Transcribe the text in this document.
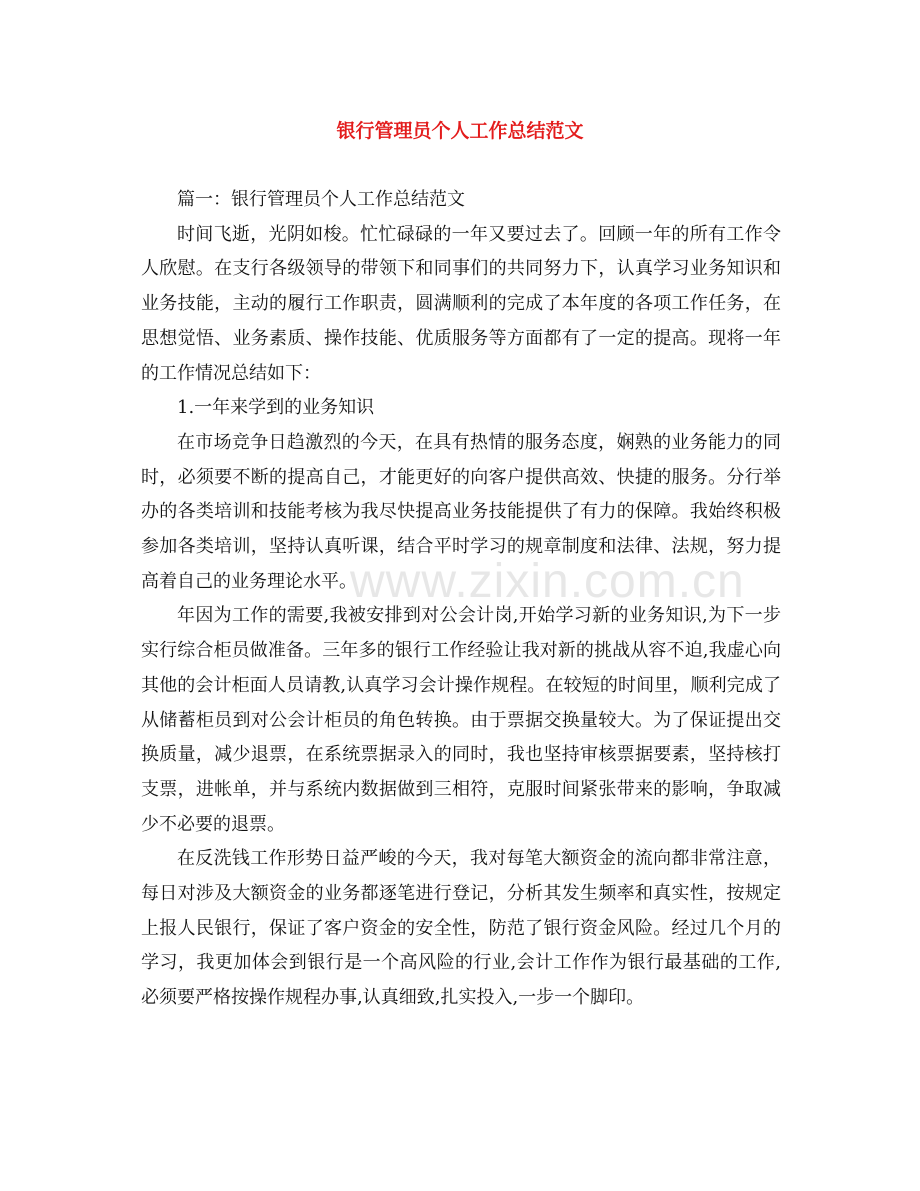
银行管理员个人工作总结范文

篇一：银行管理员个人工作总结范文

时间飞逝，光阴如梭。忙忙碌碌的一年又要过去了。回顾一年的所有工作令人欣慰。在支行各级领导的带领下和同事们的共同努力下，认真学习业务知识和业务技能，主动的履行工作职责，圆满顺利的完成了本年度的各项工作任务，在思想觉悟、业务素质、操作技能、优质服务等方面都有了一定的提高。现将一年的工作情况总结如下：

1.一年来学到的业务知识

在市场竞争日趋激烈的今天，在具有热情的服务态度，娴熟的业务能力的同时，必须要不断的提高自己，才能更好的向客户提供高效、快捷的服务。分行举办的各类培训和技能考核为我尽快提高业务技能提供了有力的保障。我始终积极参加各类培训，坚持认真听课，结合平时学习的规章制度和法律、法规，努力提高着自己的业务理论水平。

年因为工作的需要,我被安排到对公会计岗,开始学习新的业务知识,为下一步实行综合柜员做准备。三年多的银行工作经验让我对新的挑战从容不迫,我虚心向其他的会计柜面人员请教,认真学习会计操作规程。在较短的时间里，顺利完成了从储蓄柜员到对公会计柜员的角色转换。由于票据交换量较大。为了保证提出交换质量，减少退票，在系统票据录入的同时，我也坚持审核票据要素，坚持核打支票，进帐单，并与系统内数据做到三相符，克服时间紧张带来的影响，争取减少不必要的退票。

在反洗钱工作形势日益严峻的今天，我对每笔大额资金的流向都非常注意，每日对涉及大额资金的业务都逐笔进行登记，分析其发生频率和真实性，按规定上报人民银行，保证了客户资金的安全性，防范了银行资金风险。经过几个月的学习，我更加体会到银行是一个高风险的行业,会计工作作为银行最基础的工作,必须要严格按操作规程办事,认真细致,扎实投入,一步一个脚印。

www.zixin.com.cn
